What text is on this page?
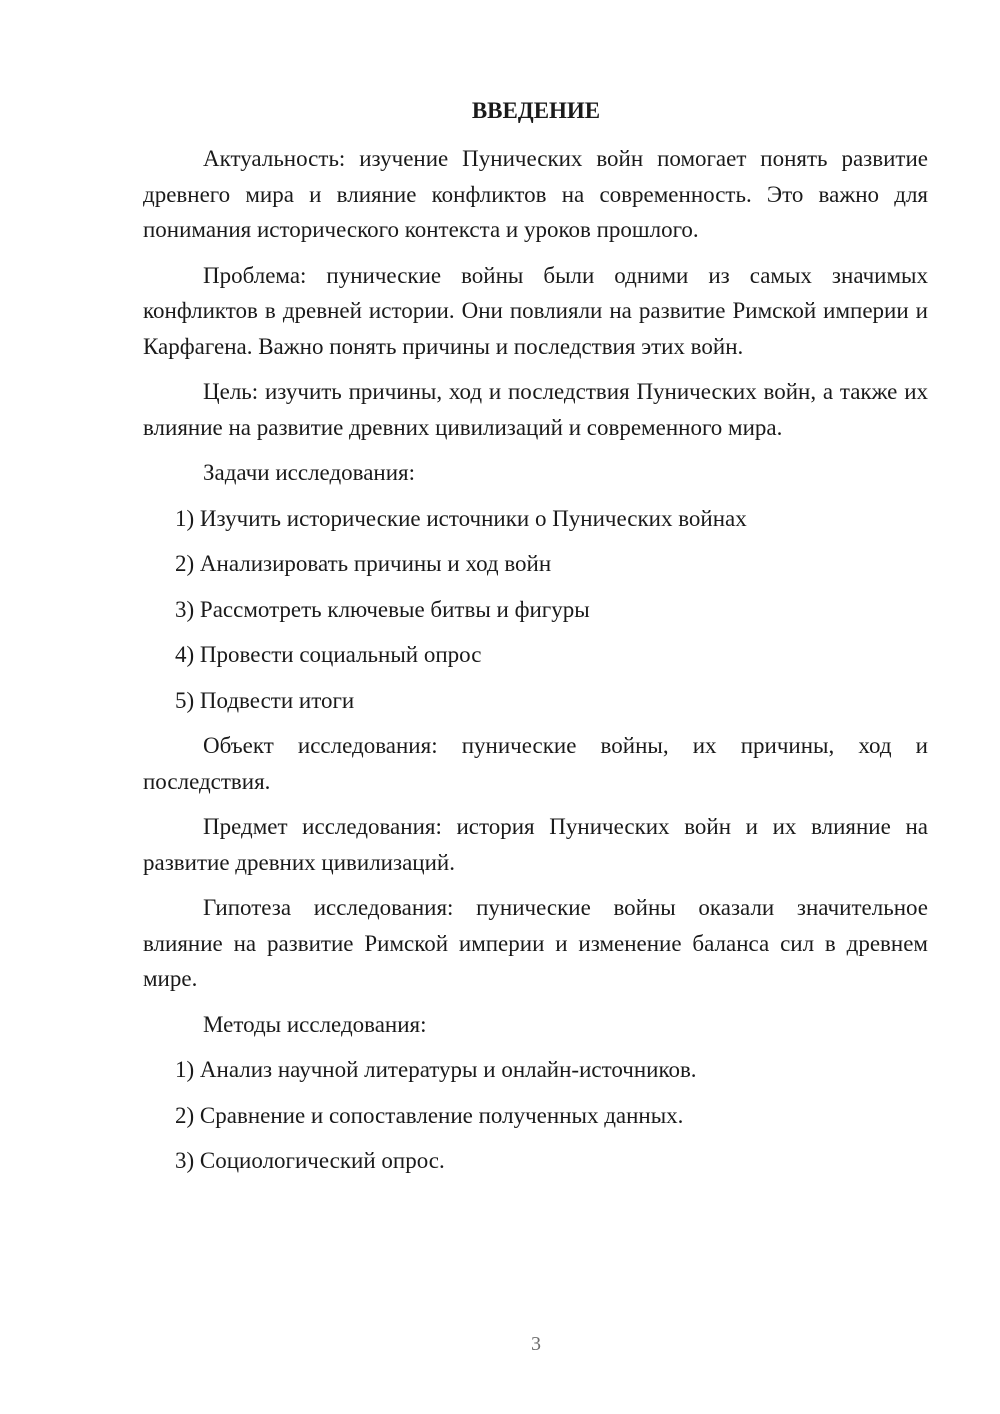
ВВЕДЕНИЕ

Актуальность: изучение Пунических войн помогает понять развитие древнего мира и влияние конфликтов на современность. Это важно для понимания исторического контекста и уроков прошлого.

Проблема: пунические войны были одними из самых значимых конфликтов в древней истории. Они повлияли на развитие Римской империи и Карфагена. Важно понять причины и последствия этих войн.

Цель: изучить причины, ход и последствия Пунических войн, а также их влияние на развитие древних цивилизаций и современного мира.

Задачи исследования:

1) Изучить исторические источники о Пунических войнах
2) Анализировать причины и ход войн
3) Рассмотреть ключевые битвы и фигуры
4) Провести социальный опрос
5) Подвести итоги

Объект исследования: пунические войны, их причины, ход и последствия.

Предмет исследования: история Пунических войн и их влияние на развитие древних цивилизаций.

Гипотеза исследования: пунические войны оказали значительное влияние на развитие Римской империи и изменение баланса сил в древнем мире.

Методы исследования:

1) Анализ научной литературы и онлайн-источников.
2) Сравнение и сопоставление полученных данных.
3) Социологический опрос.
3
